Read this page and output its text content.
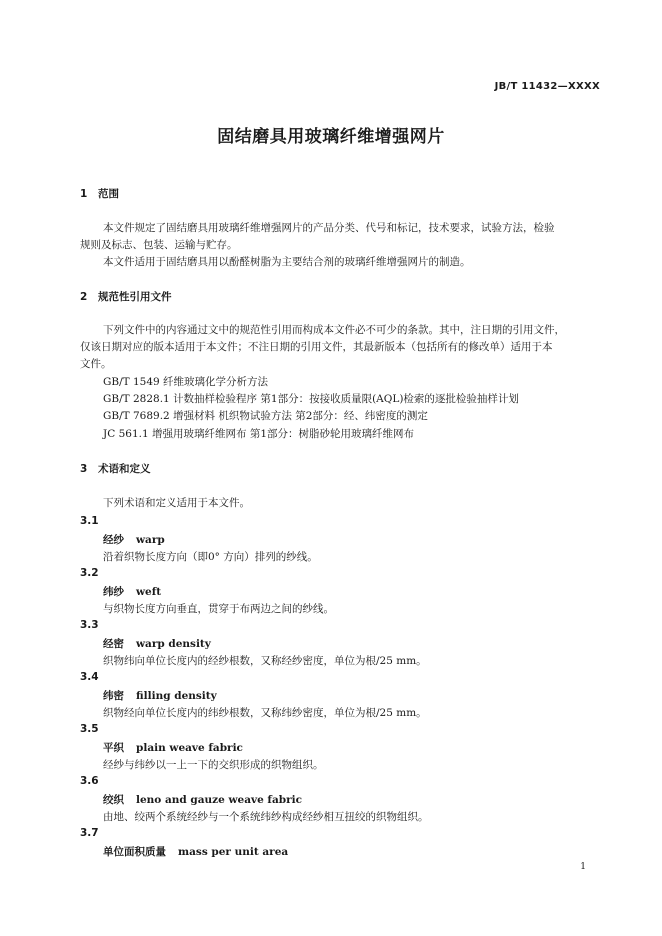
JB/T 11432—XXXX
固结磨具用玻璃纤维增强网片
1 范围
本文件规定了固结磨具用玻璃纤维增强网片的产品分类、代号和标记，技术要求，试验方法，检验
规则及标志、包装、运输与贮存。
本文件适用于固结磨具用以酚醛树脂为主要结合剂的玻璃纤维增强网片的制造。
2 规范性引用文件
下列文件中的内容通过文中的规范性引用而构成本文件必不可少的条款。其中，注日期的引用文件，
仅该日期对应的版本适用于本文件；不注日期的引用文件，其最新版本（包括所有的修改单）适用于本
文件。
GB/T 1549 纤维玻璃化学分析方法
GB/T 2828.1 计数抽样检验程序 第1部分：按接收质量限(AQL)检索的逐批检验抽样计划
GB/T 7689.2 增强材料 机织物试验方法 第2部分：经、纬密度的测定
JC 561.1 增强用玻璃纤维网布 第1部分：树脂砂轮用玻璃纤维网布
3 术语和定义
下列术语和定义适用于本文件。
3.1
经纱 warp
沿着织物长度方向（即0° 方向）排列的纱线。
3.2
纬纱 weft
与织物长度方向垂直，贯穿于布两边之间的纱线。
3.3
经密 warp density
织物纬向单位长度内的经纱根数，又称经纱密度，单位为根/25 mm。
3.4
纬密 filling density
织物经向单位长度内的纬纱根数，又称纬纱密度，单位为根/25 mm。
3.5
平织 plain weave fabric
经纱与纬纱以一上一下的交织形成的织物组织。
3.6
绞织 leno and gauze weave fabric
由地、绞两个系统经纱与一个系统纬纱构成经纱相互扭绞的织物组织。
3.7
单位面积质量 mass per unit area
1
